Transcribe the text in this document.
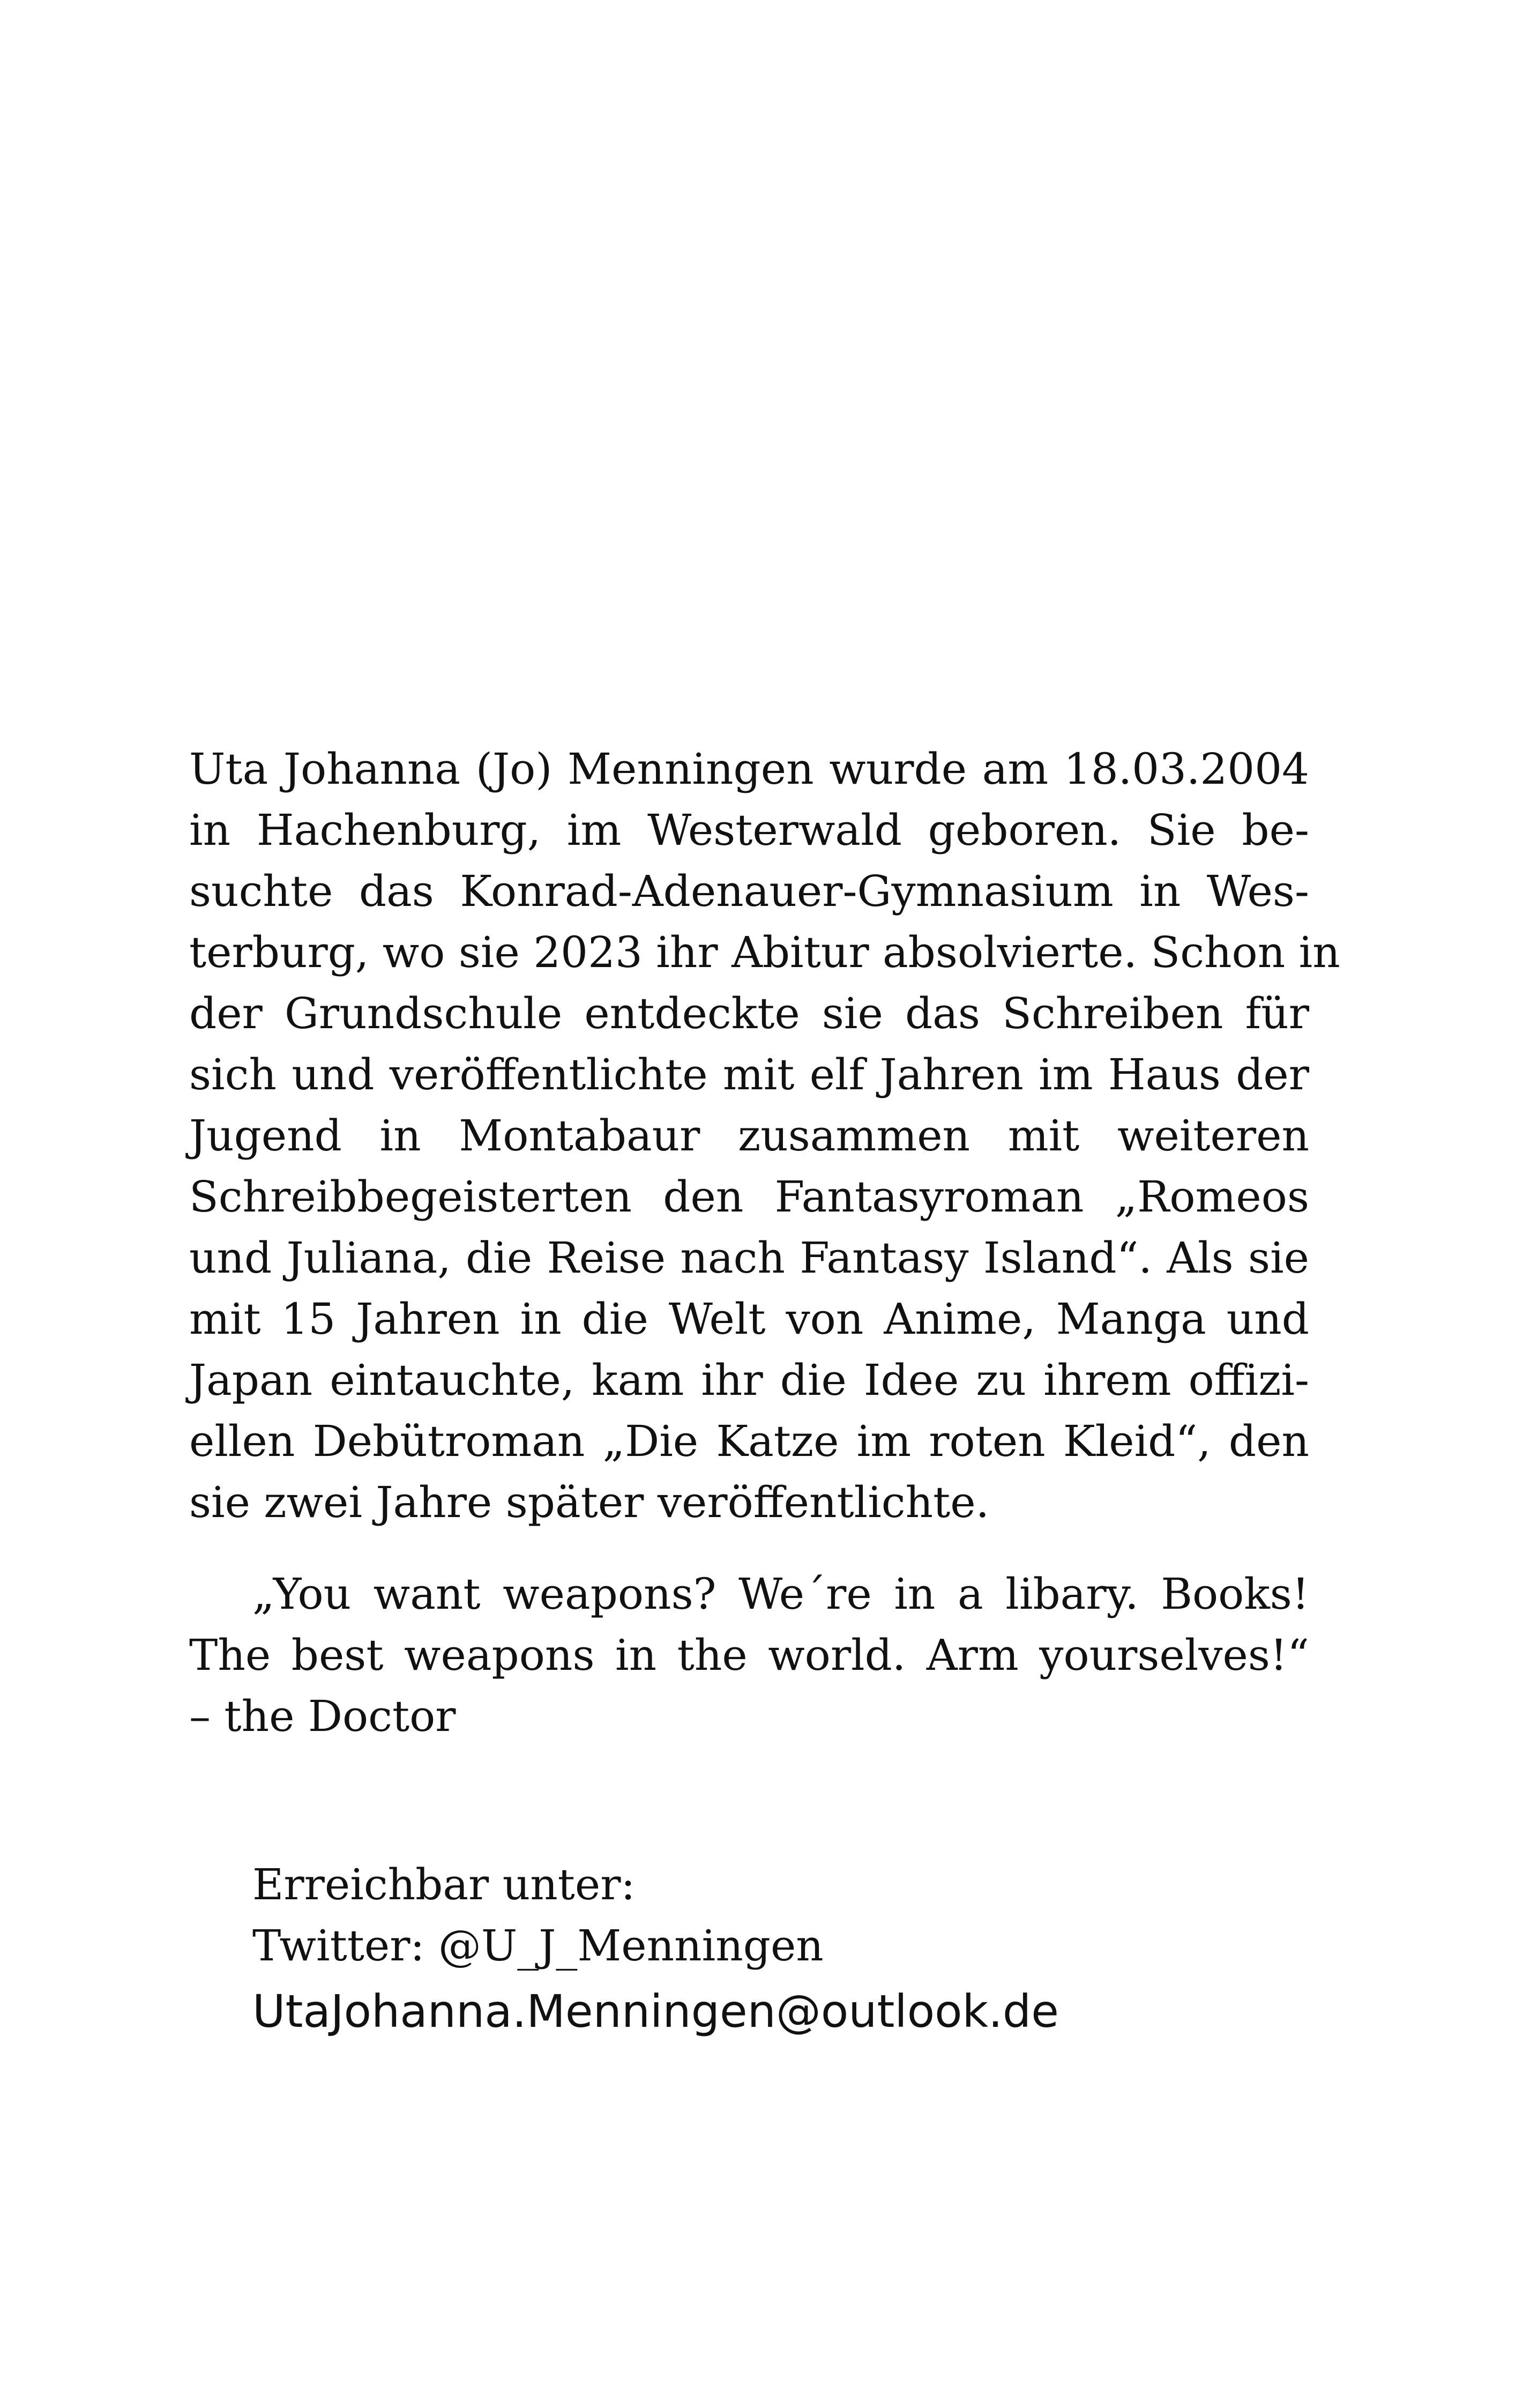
Uta Johanna (Jo) Menningen wurde am 18.03.2004
in Hachenburg, im Westerwald geboren. Sie be-
suchte das Konrad-Adenauer-Gymnasium in Wes-
terburg, wo sie 2023 ihr Abitur absolvierte. Schon in
der Grundschule entdeckte sie das Schreiben für
sich und veröffentlichte mit elf Jahren im Haus der
Jugend in Montabaur zusammen mit weiteren
Schreibbegeisterten den Fantasyroman „Romeos
und Juliana, die Reise nach Fantasy Island“. Als sie
mit 15 Jahren in die Welt von Anime, Manga und
Japan eintauchte, kam ihr die Idee zu ihrem offizi-
ellen Debütroman „Die Katze im roten Kleid“, den
sie zwei Jahre später veröffentlichte.
„You want weapons? We´re in a libary. Books!
The best weapons in the world. Arm yourselves!“
– the Doctor
Erreichbar unter:
Twitter: @U_J_Menningen
UtaJohanna.Menningen@outlook.de
